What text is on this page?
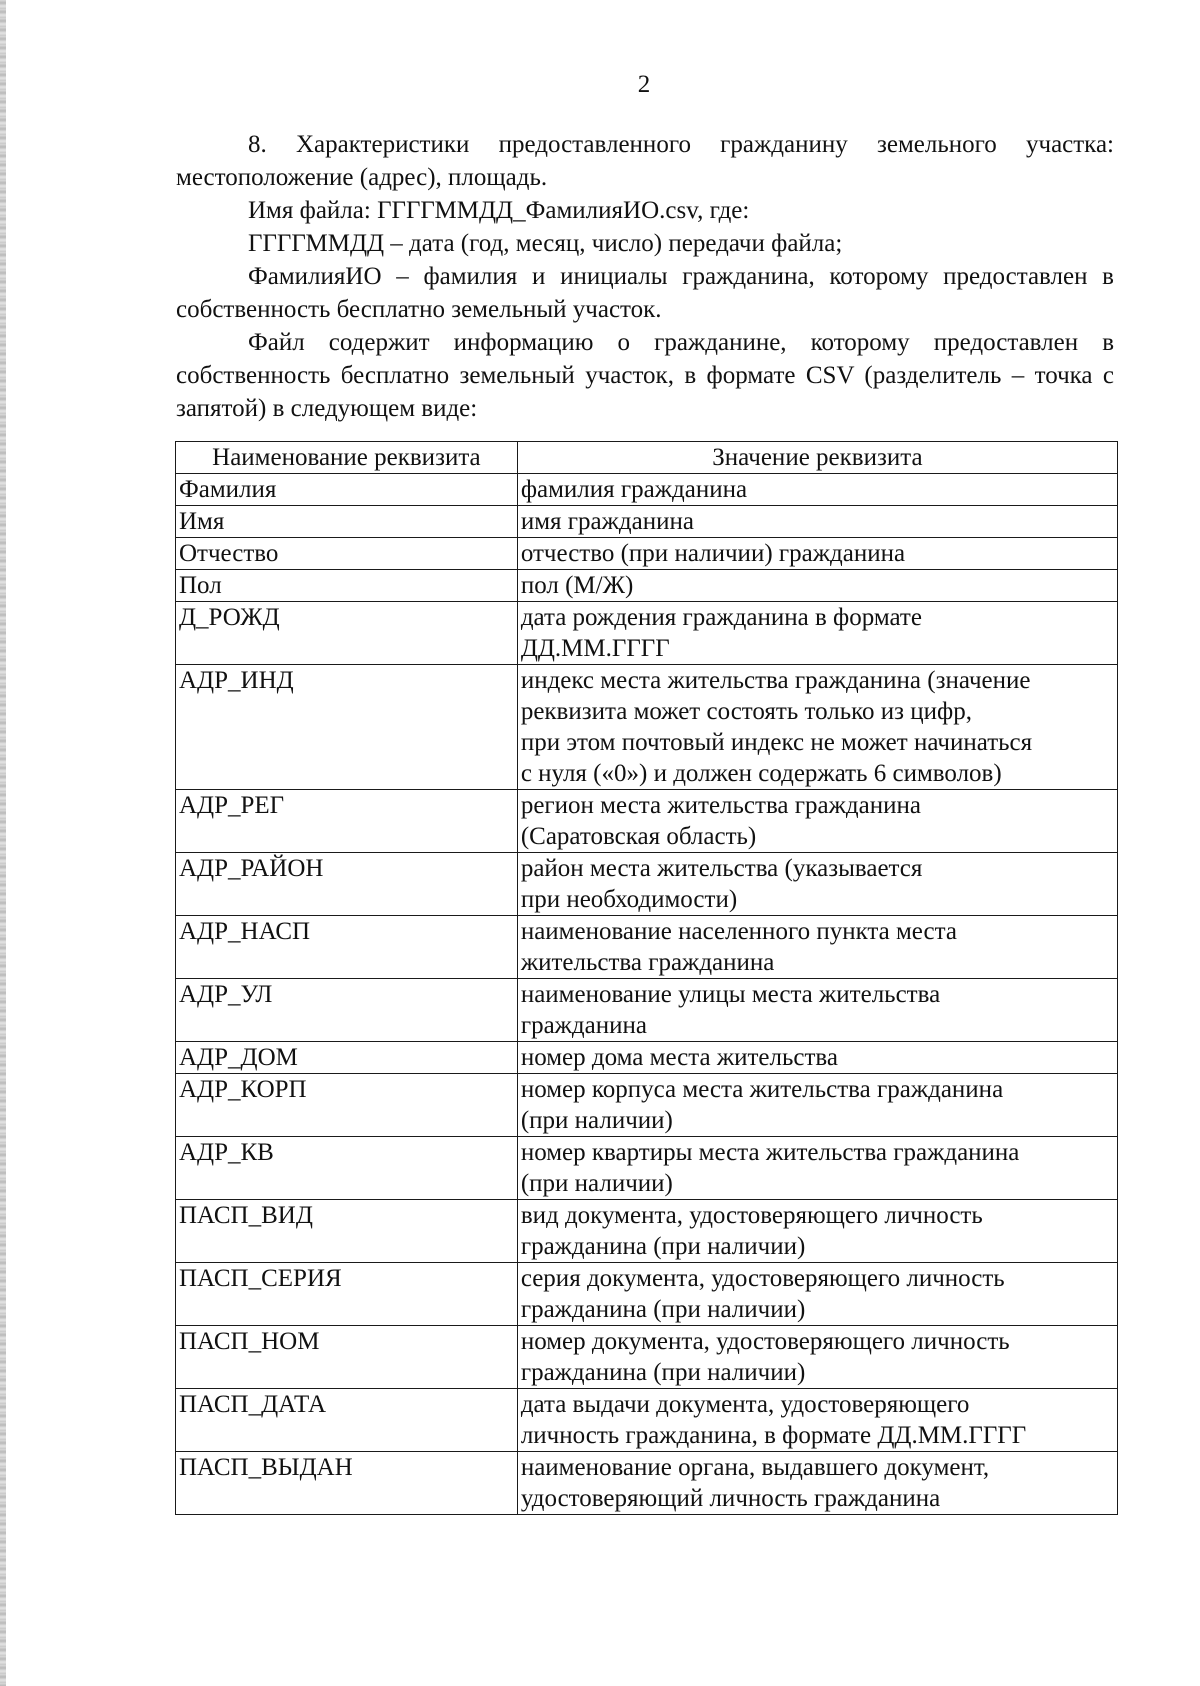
2

8. Характеристики предоставленного гражданину земельного участка: местоположение (адрес), площадь.

Имя файла: ГГГГММДД_ФамилияИО.csv, где:

ГГГГММДД – дата (год, месяц, число) передачи файла;

ФамилияИО – фамилия и инициалы гражданина, которому предоставлен в собственность бесплатно земельный участок.

Файл содержит информацию о гражданине, которому предоставлен в собственность бесплатно земельный участок, в формате CSV (разделитель – точка с запятой) в следующем виде:

Наименование реквизита	Значение реквизита
Фамилия	фамилия гражданина
Имя	имя гражданина
Отчество	отчество (при наличии) гражданина
Пол	пол (М/Ж)
Д_РОЖД	дата рождения гражданина в формате
ДД.ММ.ГГГГ
АДР_ИНД	индекс места жительства гражданина (значение
реквизита может состоять только из цифр,
при этом почтовый индекс не может начинаться
с нуля («0») и должен содержать 6 символов)
АДР_РЕГ	регион места жительства гражданина
(Саратовская область)
АДР_РАЙОН	район места жительства (указывается
при необходимости)
АДР_НАСП	наименование населенного пункта места
жительства гражданина
АДР_УЛ	наименование улицы места жительства
гражданина
АДР_ДОМ	номер дома места жительства
АДР_КОРП	номер корпуса места жительства гражданина
(при наличии)
АДР_КВ	номер квартиры места жительства гражданина
(при наличии)
ПАСП_ВИД	вид документа, удостоверяющего личность
гражданина (при наличии)
ПАСП_СЕРИЯ	серия документа, удостоверяющего личность
гражданина (при наличии)
ПАСП_НОМ	номер документа, удостоверяющего личность
гражданина (при наличии)
ПАСП_ДАТА	дата выдачи документа, удостоверяющего
личность гражданина, в формате ДД.ММ.ГГГГ
ПАСП_ВЫДАН	наименование органа, выдавшего документ,
удостоверяющий личность гражданина
